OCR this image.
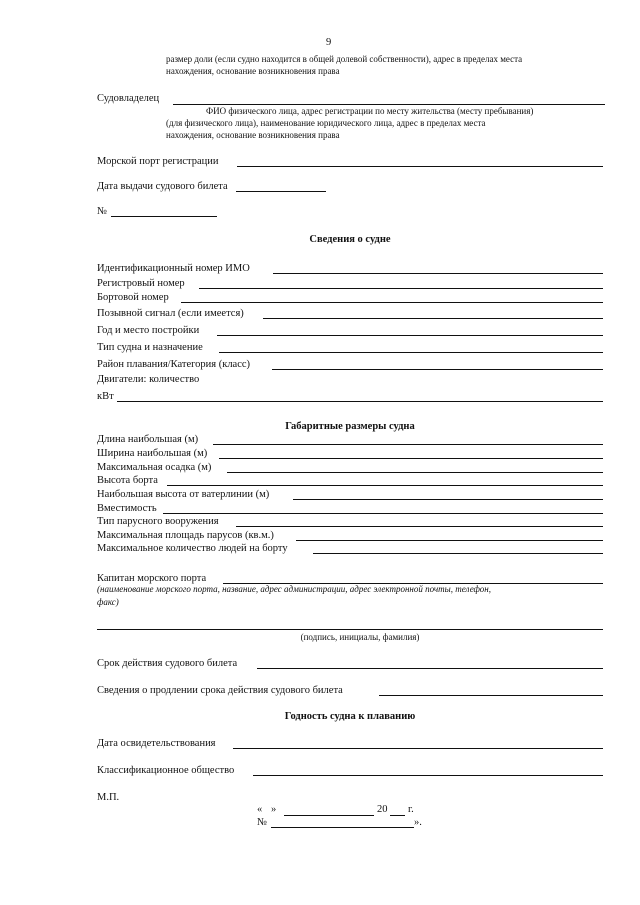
9
размер доли (если судно находится в общей долевой собственности), адрес в пределах места
нахождения, основание возникновения права
Судовладелец
ФИО физического лица, адрес регистрации по месту жительства (месту пребывания)
(для физического лица), наименование юридического лица, адрес в пределах места
нахождения, основание возникновения права
Морской порт регистрации
Дата выдачи судового билета
№
Сведения о судне
Идентификационный номер ИМО
Регистровый номер
Бортовой номер
Позывной сигнал (если имеется)
Год и место постройки
Тип судна и назначение
Район плавания/Категория (класс)
Двигатели: количество
кВт
Габаритные размеры судна
Длина наибольшая (м)
Ширина наибольшая (м)
Максимальная осадка (м)
Высота борта
Наибольшая высота от ватерлинии (м)
Вместимость
Тип парусного вооружения
Максимальная площадь парусов (кв.м.)
Максимальное количество людей на борту
Капитан морского порта
(наименование морского порта, название, адрес администрации, адрес электронной почты, телефон,
факс)
(подпись, инициалы, фамилия)
Срок действия судового билета
Сведения о продлении срока действия судового билета
Годность судна к плаванию
Дата освидетельствования
Классификационное общество
М.П.
« »	20 г.
№	».
